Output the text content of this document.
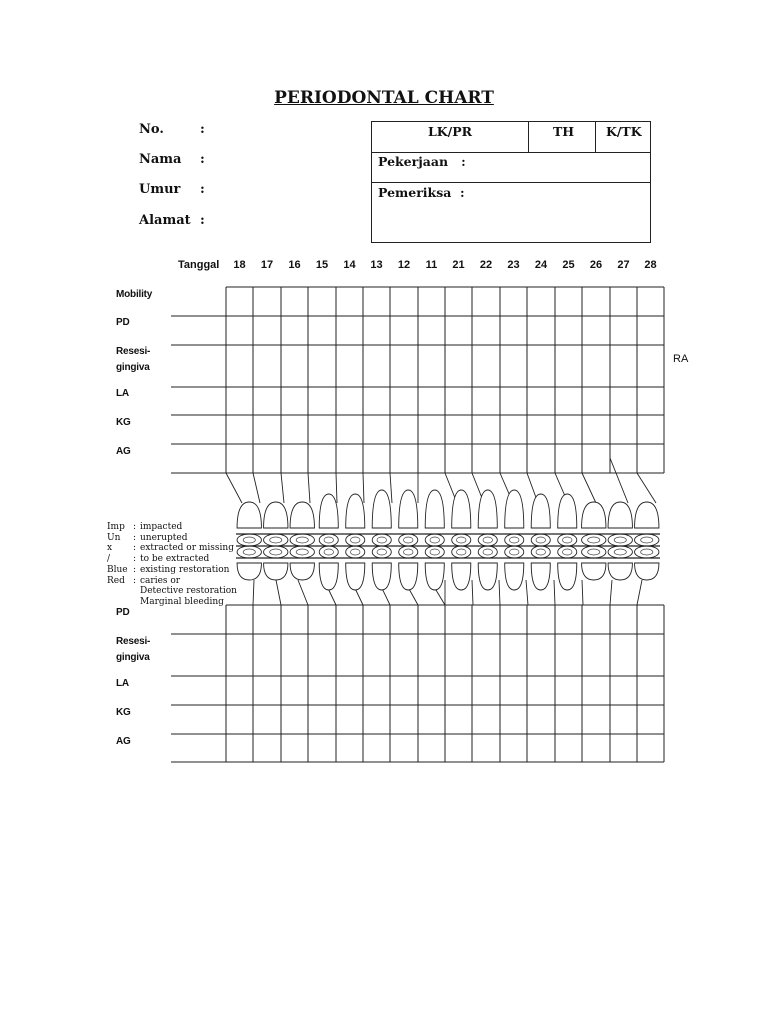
PERIODONTAL CHART
No.	:
Nama :
Umur :
Alamat :
LK/PR	TH	K/TK
Pekerjaan   :
Pemeriksa  :
Tanggal	18	17	16	15	14	13	12	11	21	22	23	24	25	26	27	28
Mobility
PD
Resesi-
gingiva
LA
KG
AG
RA
Imp : impacted
Un	: unerupted
x	: extracted or missing
/	: to be extracted
Blue : existing restoration
Red : caries or
Detective restoration
Marginal bleeding
PD
Resesi-
gingiva
LA
KG
AG
